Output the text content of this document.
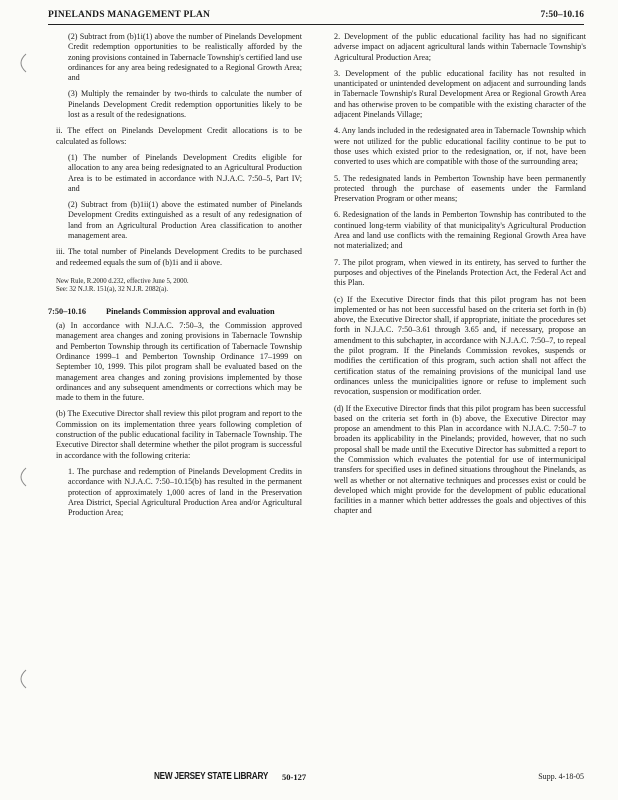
PINELANDS MANAGEMENT PLAN	7:50–10.16

(2) Subtract from (b)1i(1) above the number of Pinelands Development Credit redemption opportunities to be realistically afforded by the zoning provisions contained in Tabernacle Township's certified land use ordinances for any area being redesignated to a Regional Growth Area; and

(3) Multiply the remainder by two-thirds to calculate the number of Pinelands Development Credit redemption opportunities likely to be lost as a result of the redesignations.

ii. The effect on Pinelands Development Credit allocations is to be calculated as follows:

(1) The number of Pinelands Development Credits eligible for allocation to any area being redesignated to an Agricultural Production Area is to be estimated in accordance with N.J.A.C. 7:50–5, Part IV; and

(2) Subtract from (b)1ii(1) above the estimated number of Pinelands Development Credits extinguished as a result of any redesignation of land from an Agricultural Production Area classification to another management area.

iii. The total number of Pinelands Development Credits to be purchased and redeemed equals the sum of (b)1i and ii above.

New Rule, R.2000 d.232, effective June 5, 2000.
See: 32 N.J.R. 151(a), 32 N.J.R. 2082(a).
7:50–10.16	Pinelands Commission approval and evaluation

(a) In accordance with N.J.A.C. 7:50–3, the Commission approved management area changes and zoning provisions in Tabernacle Township and Pemberton Township through its certification of Tabernacle Township Ordinance 1999–1 and Pemberton Township Ordinance 17–1999 on September 10, 1999. This pilot program shall be evaluated based on the management area changes and zoning provisions implemented by those ordinances and any subsequent amendments or corrections which may be made to them in the future.

(b) The Executive Director shall review this pilot program and report to the Commission on its implementation three years following completion of construction of the public educational facility in Tabernacle Township. The Executive Director shall determine whether the pilot program is successful in accordance with the following criteria:

1. The purchase and redemption of Pinelands Development Credits in accordance with N.J.A.C. 7:50–10.15(b) has resulted in the permanent protection of approximately 1,000 acres of land in the Preservation Area District, Special Agricultural Production Area and/or Agricultural Production Area;

2. Development of the public educational facility has had no significant adverse impact on adjacent agricultural lands within Tabernacle Township's Agricultural Production Area;

3. Development of the public educational facility has not resulted in unanticipated or unintended development on adjacent and surrounding lands in Tabernacle Township's Rural Development Area or Regional Growth Area and has otherwise proven to be compatible with the existing character of the adjacent Pinelands Village;

4. Any lands included in the redesignated area in Tabernacle Township which were not utilized for the public educational facility continue to be put to those uses which existed prior to the redesignation, or, if not, have been converted to uses which are compatible with those of the surrounding area;

5. The redesignated lands in Pemberton Township have been permanently protected through the purchase of easements under the Farmland Preservation Program or other means;

6. Redesignation of the lands in Pemberton Township has contributed to the continued long-term viability of that municipality's Agricultural Production Area and land use conflicts with the remaining Regional Growth Area have not materialized; and

7. The pilot program, when viewed in its entirety, has served to further the purposes and objectives of the Pinelands Protection Act, the Federal Act and this Plan.

(c) If the Executive Director finds that this pilot program has not been implemented or has not been successful based on the criteria set forth in (b) above, the Executive Director shall, if appropriate, initiate the procedures set forth in N.J.A.C. 7:50–3.61 through 3.65 and, if necessary, propose an amendment to this subchapter, in accordance with N.J.A.C. 7:50–7, to repeal the pilot program. If the Pinelands Commission revokes, suspends or modifies the certification of this program, such action shall not affect the certification status of the remaining provisions of the municipal land use ordinances unless the municipalities ignore or refuse to implement such revocation, suspension or modification order.

(d) If the Executive Director finds that this pilot program has been successful based on the criteria set forth in (b) above, the Executive Director may propose an amendment to this Plan in accordance with N.J.A.C. 7:50–7 to broaden its applicability in the Pinelands; provided, however, that no such proposal shall be made until the Executive Director has submitted a report to the Commission which evaluates the potential for use of intermunicipal transfers for specified uses in defined situations throughout the Pinelands, as well as whether or not alternative techniques and processes exist or could be developed which might provide for the development of public educational facilities in a manner which better addresses the goals and objectives of this chapter and

NEW JERSEY STATE LIBRARY 50-127	Supp. 4-18-05
